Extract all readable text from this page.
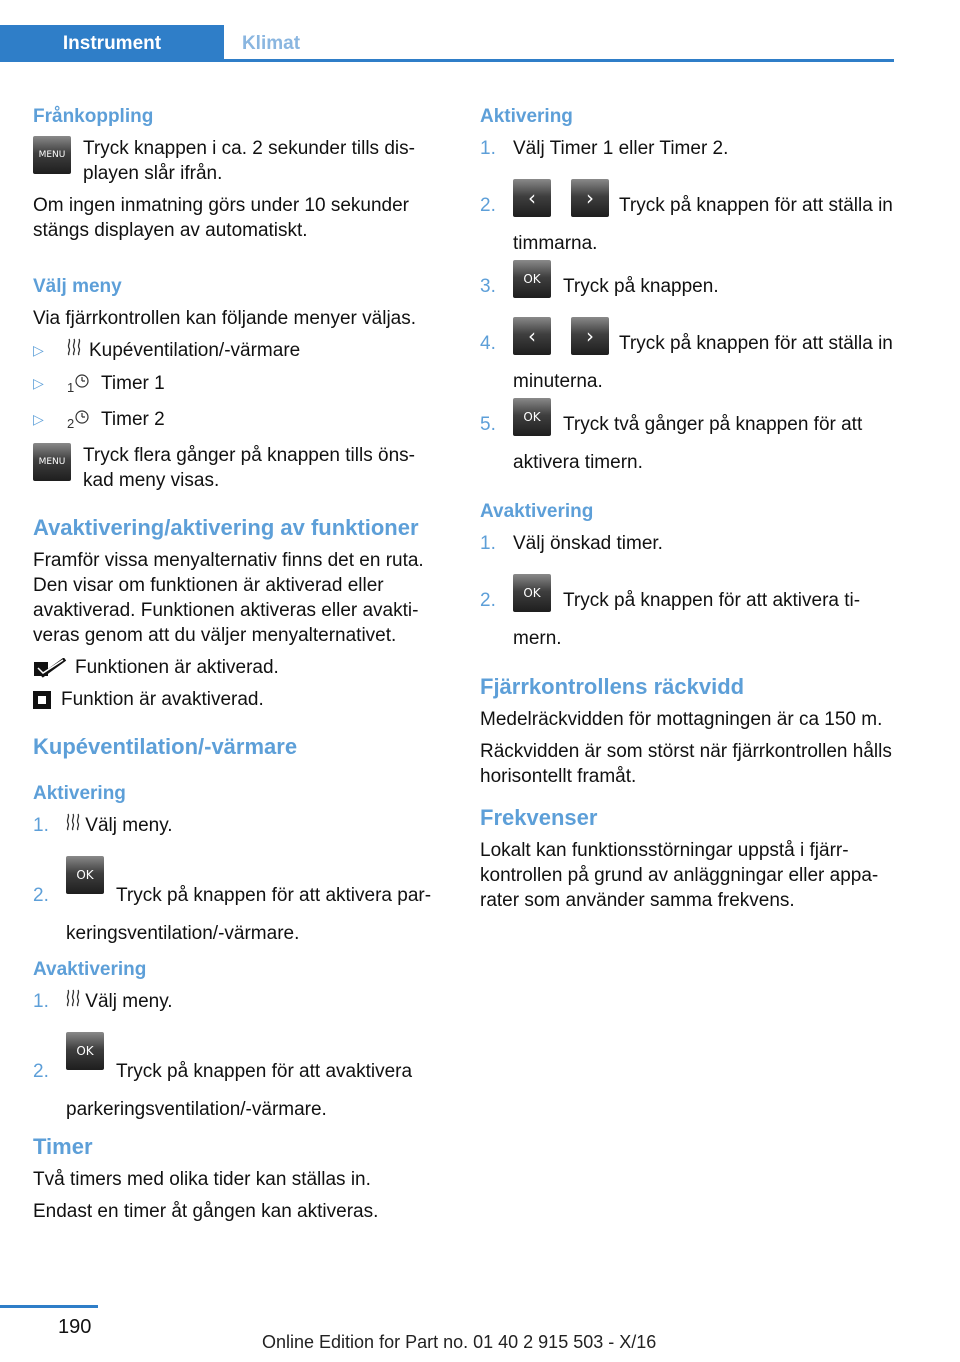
Instrument	Klimat
Frånkoppling
MENU Tryck knappen i ca. 2 sekunder tills dis‐ playen slår ifrån.

Om ingen inmatning görs under 10 sekunder stängs displayen av automatiskt.

Välj meny

Via fjärrkontrollen kan följande menyer väljas.

▷	Kupéventilation/-värmare
▷	$_1$	Timer 1
▷	$_2$	Timer 2
MENU Tryck flera gånger på knappen tills öns‐ kad meny visas.
Avaktivering/aktivering av funktioner

Framför vissa menyalternativ finns det en ruta. Den visar om funktionen är aktiverad eller avaktiverad. Funktionen aktiveras eller avakti‐ veras genom att du väljer menyalternativet.

Funktionen är aktiverad.
Funktion är avaktiverad.
Kupéventilation/-värmare
Aktivering
1.	Välj meny.
2.
OKTryck på knappen för att aktivera par‐ keringsventilation/-värmare.
Avaktivering
1.	Välj meny.
2.
OKTryck på knappen för att avaktivera parkeringsventilation/-värmare.
Timer

Två timers med olika tider kan ställas in.

Endast en timer åt gången kan aktiveras.

Aktivering
1. Välj Timer 1 eller Timer 2.
2.	‹	› Tryck på knappen för att ställa in timmarna.
3.	OK Tryck på knappen.
4.	‹	› Tryck på knappen för att ställa in minuterna.
5.	OK Tryck två gånger på knappen för att aktivera timern.
Avaktivering
1. Välj önskad timer.
2.	OK Tryck på knappen för att aktivera ti‐ mern.
Fjärrkontrollens räckvidd

Medelräckvidden för mottagningen är ca 150 m.

Räckvidden är som störst när fjärrkontrollen hålls horisontellt framåt.

Frekvenser

Lokalt kan funktionsstörningar uppstå i fjärr‐ kontrollen på grund av anläggningar eller appa‐ rater som använder samma frekvens.

190
Online Edition for Part no. 01 40 2 915 503 - X/16
